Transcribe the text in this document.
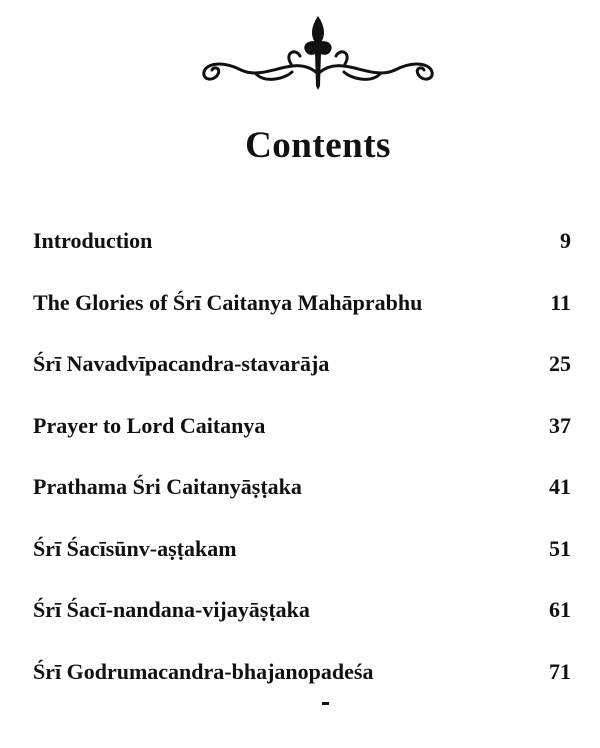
Contents
Introduction	9
The Glories of Śrī Caitanya Mahāprabhu	11
Śrī Navadvīpacandra-stavarāja	25
Prayer to Lord Caitanya	37
Prathama Śri Caitanyāṣṭaka	41
Śrī Śacīsūnv-aṣṭakam	51
Śrī Śacī-nandana-vijayāṣṭaka	61
Śrī Godrumacandra-bhajanopadeśa	71
